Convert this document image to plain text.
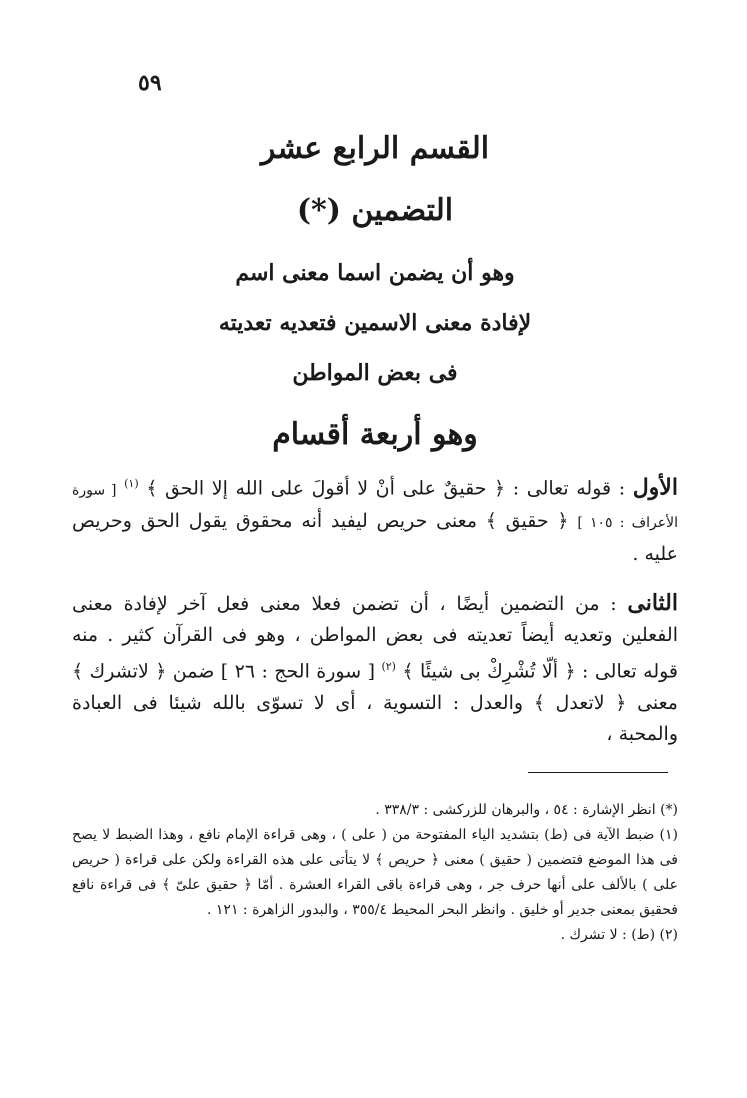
٥٩

القسم الرابع عشر

التضمين (*)

وهو أن يضمن اسما معنى اسم

لإفادة معنى الاسمين فتعديه تعديته

فى بعض المواطن

وهو أربعة أقسام

الأول : قوله تعالى : ﴿ حقيقٌ على أنْ لا أقولَ على الله إلا الحق ﴾ $^{(١)}$ [ سورة الأعراف : ١٠٥ ] ﴿ حقيق ﴾ معنى حريص ليفيد أنه محقوق يقول الحق وحريص عليه .

الثانى : من التضمين أيضًا ، أن تضمن فعلا معنى فعل آخر لإفادة معنى الفعلين وتعديه أيضاً تعديته فى بعض المواطن ، وهو فى القرآن كثير . منه قوله تعالى : ﴿ ألّا تُشْرِكْ بى شيئًا ﴾ $^{(٢)}$ [ سورة الحج : ٢٦ ] ضمن ﴿ لاتشرك ﴾ معنى ﴿ لاتعدل ﴾ والعدل : التسوية ، أى لا تسوّى بالله شيئا فى العبادة والمحبة ،

(*) انظر الإشارة : ٥٤ ، والبرهان للزركشى : ٣٣٨/٣ .

(١) ضبط الآية فى (ط) بتشديد الياء المفتوحة من ( على ) ، وهى قراءة الإمام نافع ، وهذا الضبط لا يصح فى هذا الموضع فتضمين ( حقيق ) معنى ﴿ حريص ﴾ لا يتأتى على هذه القراءة ولكن على قراءة ( حريص على ) بالألف على أنها حرف جر ، وهى قراءة باقى القراء العشرة . أمّا ﴿ حقيق علىّ ﴾ فى قراءة نافع فحقيق بمعنى جدير أو خليق . وانظر البحر المحيط ٣٥٥/٤ ، والبدور الزاهرة : ١٢١ .

(٢) (ط) : لا تشرك .
